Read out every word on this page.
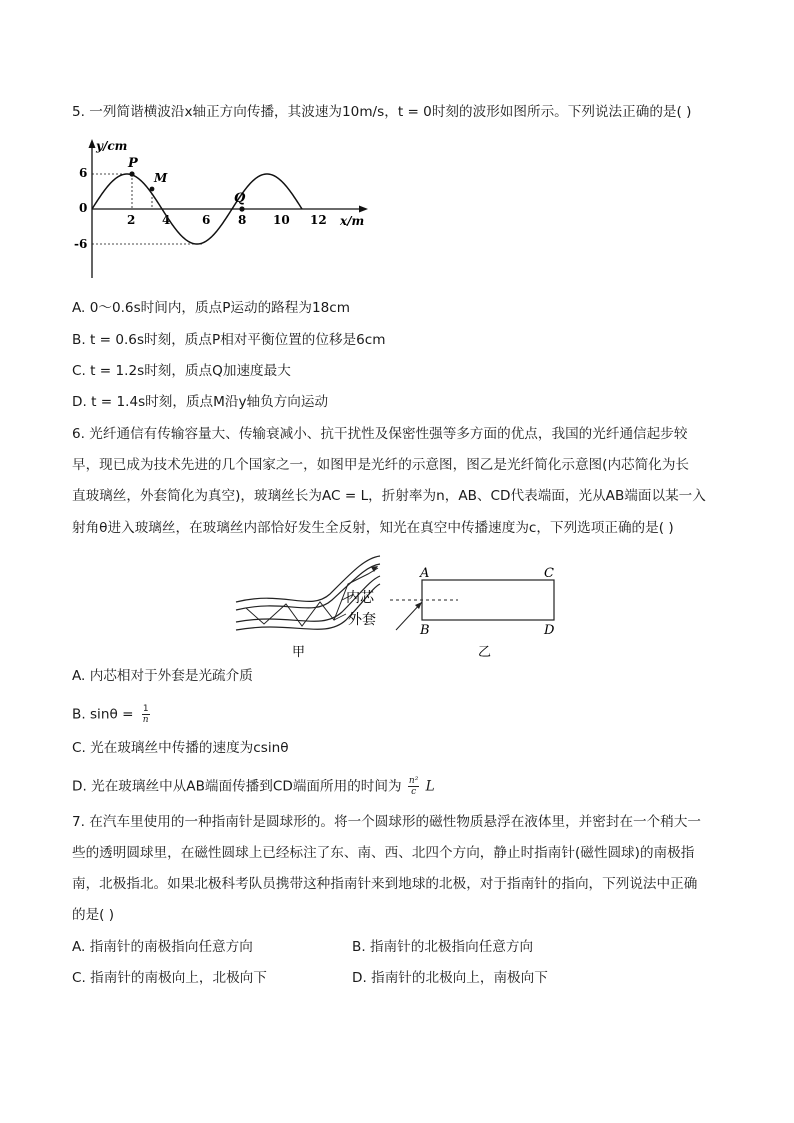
5. 一列简谐横波沿x轴正方向传播，其波速为10m/s，t = 0时刻的波形如图所示。下列说法正确的是( )
y/cm
x/m
6
0
-6
2 4	6 8 10 12
P
M
Q
A. 0～0.6s时间内，质点P运动的路程为18cm
B. t = 0.6s时刻，质点P相对平衡位置的位移是6cm
C. t = 1.2s时刻，质点Q加速度最大
D. t = 1.4s时刻，质点M沿y轴负方向运动
6. 光纤通信有传输容量大、传输衰减小、抗干扰性及保密性强等多方面的优点，我国的光纤通信起步较
早，现已成为技术先进的几个国家之一，如图甲是光纤的示意图，图乙是光纤简化示意图(内芯简化为长
直玻璃丝，外套简化为真空)，玻璃丝长为AC = L，折射率为n，AB、CD代表端面，光从AB端面以某一入
射角θ进入玻璃丝，在玻璃丝内部恰好发生全反射，知光在真空中传播速度为c，下列选项正确的是( )
内芯
外套
甲
A
B
C
D
乙
A. 内芯相对于外套是光疏介质
B. $\sin\theta = \frac{1}{n}$
C. 光在玻璃丝中传播的速度为csinθ
D. 光在玻璃丝中从AB端面传播到CD端面所用的时间为 $\frac{\text{n²}}{c}$ L
7. 在汽车里使用的一种指南针是圆球形的。将一个圆球形的磁性物质悬浮在液体里，并密封在一个稍大一
些的透明圆球里，在磁性圆球上已经标注了东、南、西、北四个方向，静止时指南针(磁性圆球)的南极指
南，北极指北。如果北极科考队员携带这种指南针来到地球的北极，对于指南针的指向，下列说法中正确
的是( )
A. 指南针的南极指向任意方向	B. 指南针的北极指向任意方向
C. 指南针的南极向上，北极向下	D. 指南针的北极向上，南极向下
